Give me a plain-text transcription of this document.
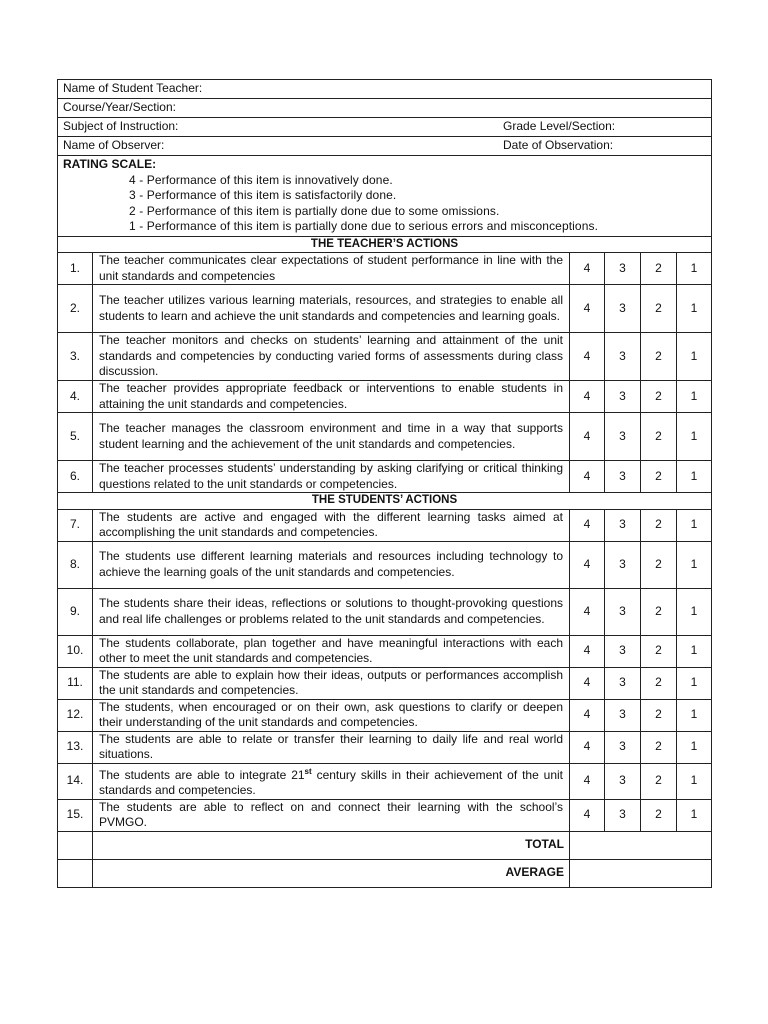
Name of Student Teacher:					
Course/Year/Section:					

Subject of Instruction: Grade Level/Section:					

Name of Observer: Date of Observation:					

RATING SCALE:
4 - Performance of this item is innovatively done.
3 - Performance of this item is satisfactorily done.
2 - Performance of this item is partially done due to some omissions.
1 - Performance of this item is partially done due to serious errors and misconceptions.					

THE TEACHER’S ACTIONS					
1.	The teacher communicates clear expectations of student performance in line with the unit standards and competencies	4	3	2	1
2.	The teacher utilizes various learning materials, resources, and strategies to enable all students to learn and achieve the unit standards and competencies and learning goals.	4	3	2	1
3.	The teacher monitors and checks on students’ learning and attainment of the unit standards and competencies by conducting varied forms of assessments during class discussion.	4	3	2	1
4.	The teacher provides appropriate feedback or interventions to enable students in attaining the unit standards and competencies.	4	3	2	1
5.	The teacher manages the classroom environment and time in a way that supports student learning and the achievement of the unit standards and competencies.	4	3	2	1
6.	The teacher processes students’ understanding by asking clarifying or critical thinking questions related to the unit standards or competencies.	4	3	2	1
THE STUDENTS’ ACTIONS					
7.	The students are active and engaged with the different learning tasks aimed at accomplishing the unit standards and competencies.	4	3	2	1
8.	The students use different learning materials and resources including technology to achieve the learning goals of the unit standards and competencies.	4	3	2	1
9.	The students share their ideas, reflections or solutions to thought-provoking questions and real life challenges or problems related to the unit standards and competencies.	4	3	2	1
10.	The students collaborate, plan together and have meaningful interactions with each other to meet the unit standards and competencies.	4	3	2	1
11.	The students are able to explain how their ideas, outputs or performances accomplish the unit standards and competencies.	4	3	2	1
12.	The students, when encouraged or on their own, ask questions to clarify or deepen their understanding of the unit standards and competencies.	4	3	2	1
13.	The students are able to relate or transfer their learning to daily life and real world situations.	4	3	2	1
14.	The students are able to integrate 21st century skills in their achievement of the unit standards and competencies.	4	3	2	1
15.	The students are able to reflect on and connect their learning with the school’s PVMGO.	4	3	2	1
	TOTAL				
	AVERAGE				
